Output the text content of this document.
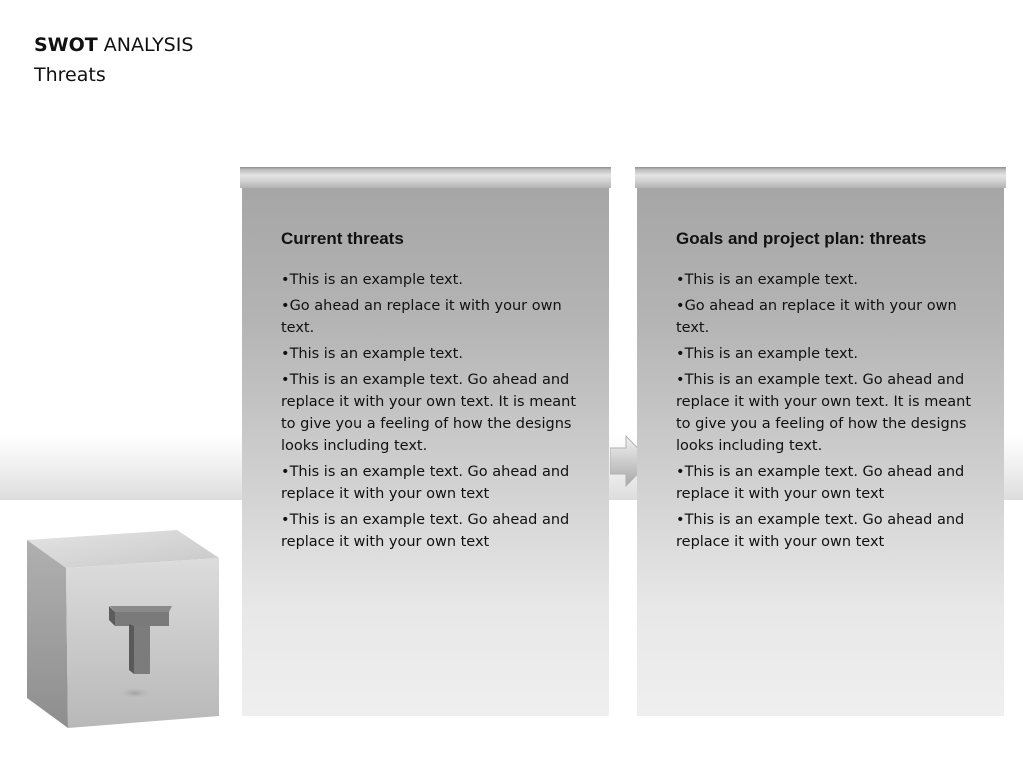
SWOT ANALYSIS
Threats
Current threats
• This is an example text.
• Go ahead an replace it with your own text.
• This is an example text.
• This is an example text. Go ahead and replace it with your own text. It is meant to give you a feeling of how the designs looks including text.
• This is an example text. Go ahead and replace it with your own text
• This is an example text. Go ahead and replace it with your own text
Goals and project plan: threats
• This is an example text.
• Go ahead an replace it with your own text.
• This is an example text.
• This is an example text. Go ahead and replace it with your own text. It is meant to give you a feeling of how the designs looks including text.
• This is an example text. Go ahead and replace it with your own text
• This is an example text. Go ahead and replace it with your own text
